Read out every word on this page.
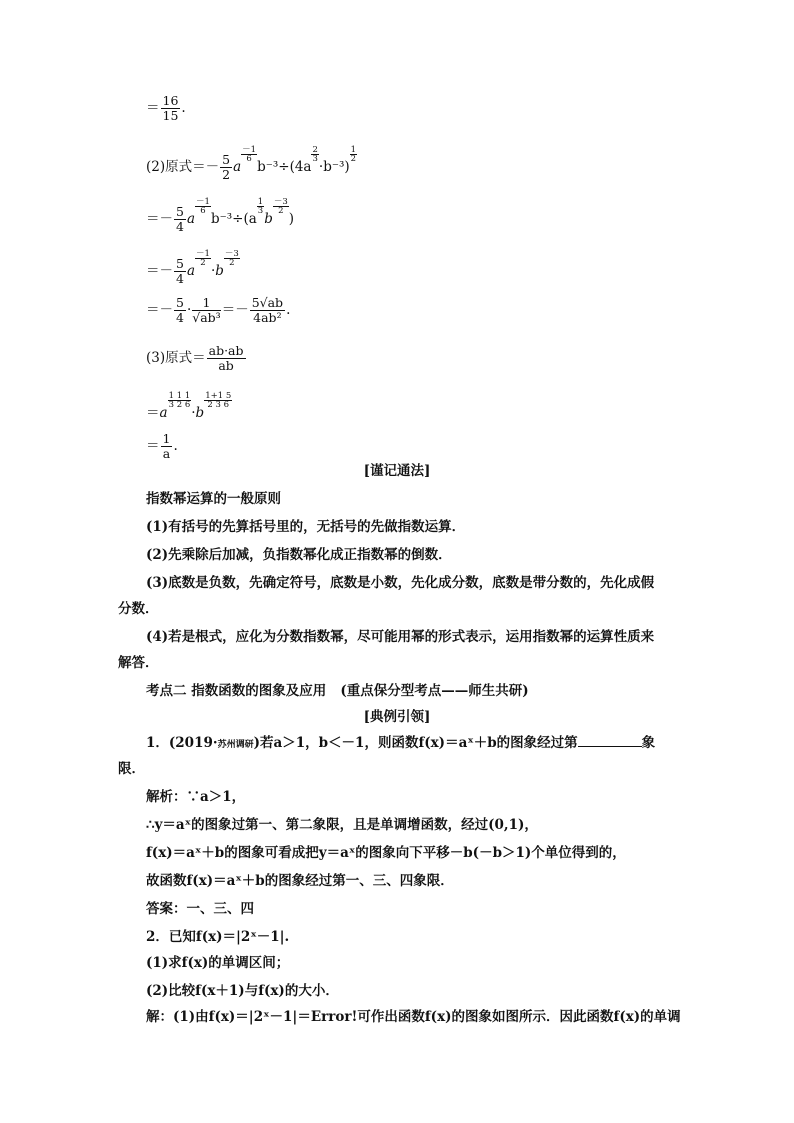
＝ $\frac{16}{15}$ .
(2)原式＝－ $\frac{5}{2}$ a
$\frac{-1}{6}$
b⁻³÷(4a
$\frac{2}{3}$
·b⁻³)
$\frac{1}{2}$
＝－ $\frac{5}{4}$ a
$\frac{-1}{6}$
b⁻³÷(a
$\frac{1}{3}$
b
$\frac{-3}{2}$
)
＝－ $\frac{5}{4}$ a
$\frac{-1}{2}$
·b
$\frac{-3}{2}$
＝－ $\frac{5}{4} \cdot \frac{1}{\text{√ab³}} =- \frac{5√ab}{\text{4ab²}}$ .
(3)原式＝ $\frac{ab\cdot ab}{ab}$
＝a
$\frac{1 1 1}{3 2 6}$
·b
$\frac{1+1 5}{2 3 6}$
＝ $\frac{1}{a}$ .
[谨记通法]
指数幂运算的一般原则
(1)有括号的先算括号里的，无括号的先做指数运算．
(2)先乘除后加减，负指数幂化成正指数幂的倒数．
(3)底数是负数，先确定符号，底数是小数，先化成分数，底数是带分数的，先化成假
分数．
(4)若是根式，应化为分数指数幂，尽可能用幂的形式表示，运用指数幂的运算性质来
解答．
考点二 指数函数的图象及应用 (重点保分型考点——师生共研)
[典例引领]
1．(2019·苏州调研)若a＞1，b＜－1，则函数f(x)＝aˣ＋b的图象经过第	象
限．
解析：∵a＞1，
∴y＝aˣ的图象过第一、第二象限，且是单调增函数，经过(0,1)，
f(x)＝aˣ＋b的图象可看成把y＝aˣ的图象向下平移－b(－b＞1)个单位得到的，
故函数f(x)＝aˣ＋b的图象经过第一、三、四象限．
答案：一、三、四
2．已知f(x)＝|2ˣ－1|.
(1)求f(x)的单调区间；
(2)比较f(x＋1)与f(x)的大小．
解：(1)由f(x)＝|2ˣ－1|＝Error!可作出函数f(x)的图象如图所示．因此函数f(x)的单调
